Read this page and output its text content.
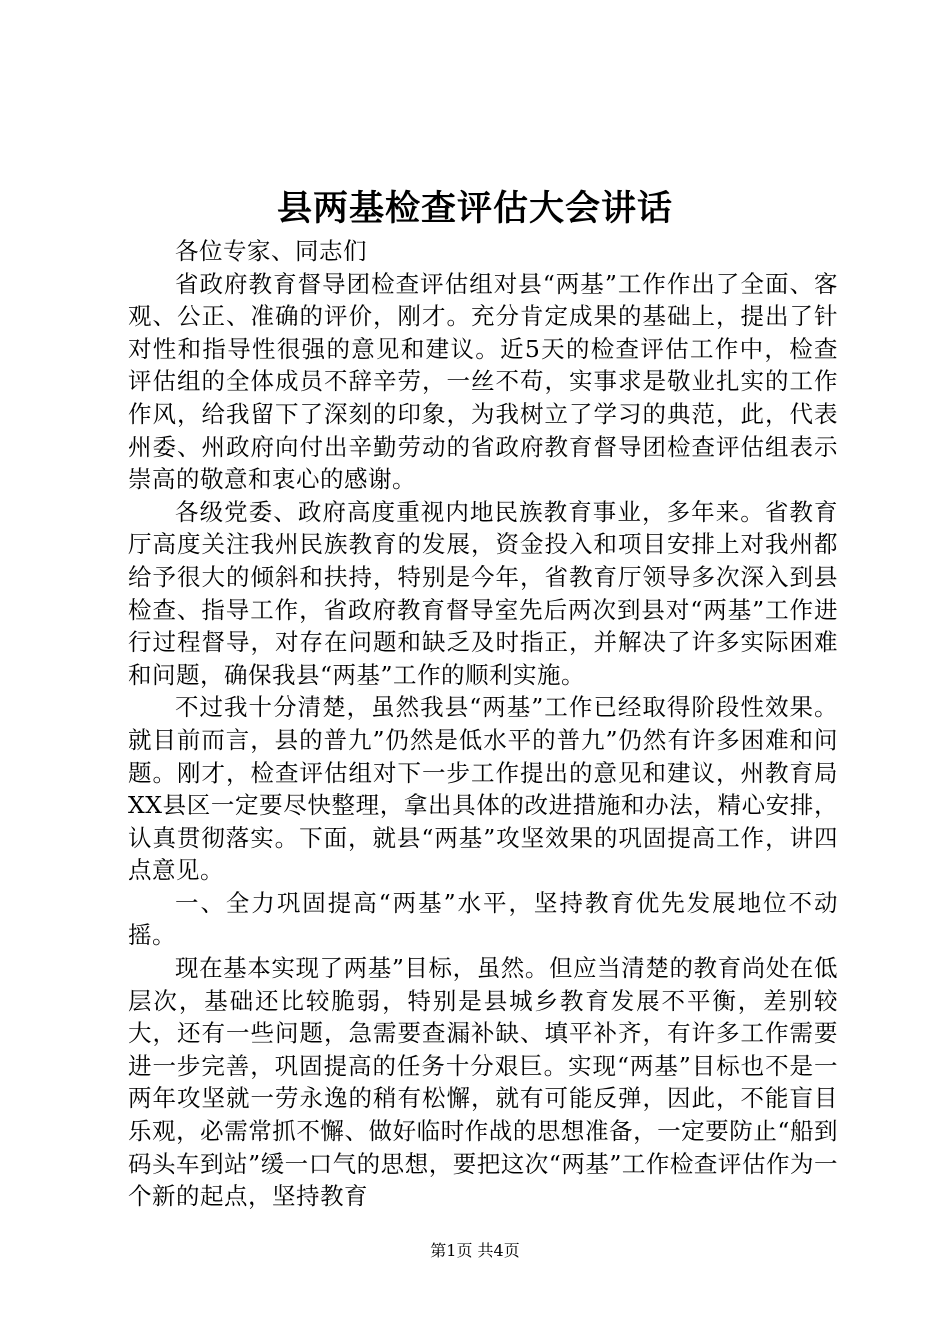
县两基检查评估大会讲话

各位专家、同志们

省政府教育督导团检查评估组对县“两基”工作作出了全面、客观、公正、准确的评价，刚才。充分肯定成果的基础上，提出了针对性和指导性很强的意见和建议。近5天的检查评估工作中，检查评估组的全体成员不辞辛劳，一丝不苟，实事求是敬业扎实的工作作风，给我留下了深刻的印象，为我树立了学习的典范，此，代表州委、州政府向付出辛勤劳动的省政府教育督导团检查评估组表示崇高的敬意和衷心的感谢。

各级党委、政府高度重视内地民族教育事业，多年来。省教育厅高度关注我州民族教育的发展，资金投入和项目安排上对我州都给予很大的倾斜和扶持，特别是今年，省教育厅领导多次深入到县检查、指导工作，省政府教育督导室先后两次到县对“两基”工作进行过程督导，对存在问题和缺乏及时指正，并解决了许多实际困难和问题，确保我县“两基”工作的顺利实施。

不过我十分清楚，虽然我县“两基”工作已经取得阶段性效果。就目前而言，县的普九”仍然是低水平的普九”仍然有许多困难和问题。刚才，检查评估组对下一步工作提出的意见和建议，州教育局XX县区一定要尽快整理，拿出具体的改进措施和办法，精心安排，认真贯彻落实。下面，就县“两基”攻坚效果的巩固提高工作，讲四点意见。

一、全力巩固提高“两基”水平，坚持教育优先发展地位不动摇。

现在基本实现了两基”目标，虽然。但应当清楚的教育尚处在低层次，基础还比较脆弱，特别是县城乡教育发展不平衡，差别较大，还有一些问题，急需要查漏补缺、填平补齐，有许多工作需要进一步完善，巩固提高的任务十分艰巨。实现“两基”目标也不是一两年攻坚就一劳永逸的稍有松懈，就有可能反弹，因此，不能盲目乐观，必需常抓不懈、做好临时作战的思想准备，一定要防止“船到码头车到站”缓一口气的思想，要把这次“两基”工作检查评估作为一个新的起点，坚持教育

第1页 共4页
